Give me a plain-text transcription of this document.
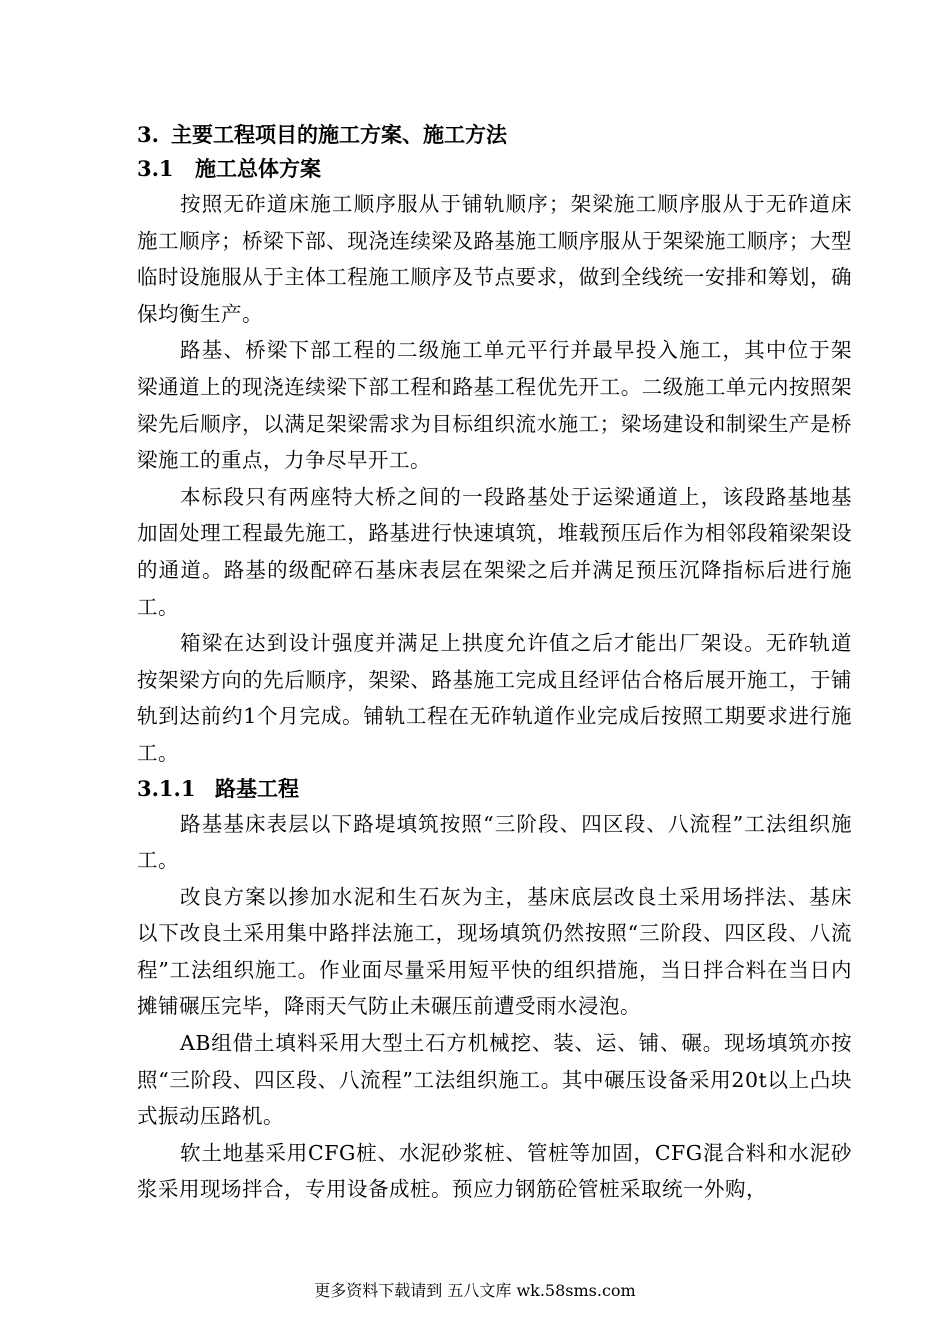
3. 主要工程项目的施工方案、施工方法

3.1 施工总体方案

按照无砟道床施工顺序服从于铺轨顺序；架梁施工顺序服从于无砟道床施工顺序；桥梁下部、现浇连续梁及路基施工顺序服从于架梁施工顺序；大型临时设施服从于主体工程施工顺序及节点要求，做到全线统一安排和筹划，确保均衡生产。

路基、桥梁下部工程的二级施工单元平行并最早投入施工，其中位于架梁通道上的现浇连续梁下部工程和路基工程优先开工。二级施工单元内按照架梁先后顺序，以满足架梁需求为目标组织流水施工；梁场建设和制梁生产是桥梁施工的重点，力争尽早开工。

本标段只有两座特大桥之间的一段路基处于运梁通道上，该段路基地基加固处理工程最先施工，路基进行快速填筑，堆载预压后作为相邻段箱梁架设的通道。路基的级配碎石基床表层在架梁之后并满足预压沉降指标后进行施工。

箱梁在达到设计强度并满足上拱度允许值之后才能出厂架设。无砟轨道按架梁方向的先后顺序，架梁、路基施工完成且经评估合格后展开施工，于铺轨到达前约1个月完成。铺轨工程在无砟轨道作业完成后按照工期要求进行施工。

3.1.1 路基工程

路基基床表层以下路堤填筑按照“三阶段、四区段、八流程”工法组织施工。

改良方案以掺加水泥和生石灰为主，基床底层改良土采用场拌法、基床以下改良土采用集中路拌法施工，现场填筑仍然按照“三阶段、四区段、八流程”工法组织施工。作业面尽量采用短平快的组织措施，当日拌合料在当日内摊铺碾压完毕，降雨天气防止未碾压前遭受雨水浸泡。

AB组借土填料采用大型土石方机械挖、装、运、铺、碾。现场填筑亦按照“三阶段、四区段、八流程”工法组织施工。其中碾压设备采用20t以上凸块式振动压路机。

软土地基采用CFG桩、水泥砂浆桩、管桩等加固，CFG混合料和水泥砂浆采用现场拌合，专用设备成桩。预应力钢筋砼管桩采取统一外购，

更多资料下载请到 五八文库 wk.58sms.com
